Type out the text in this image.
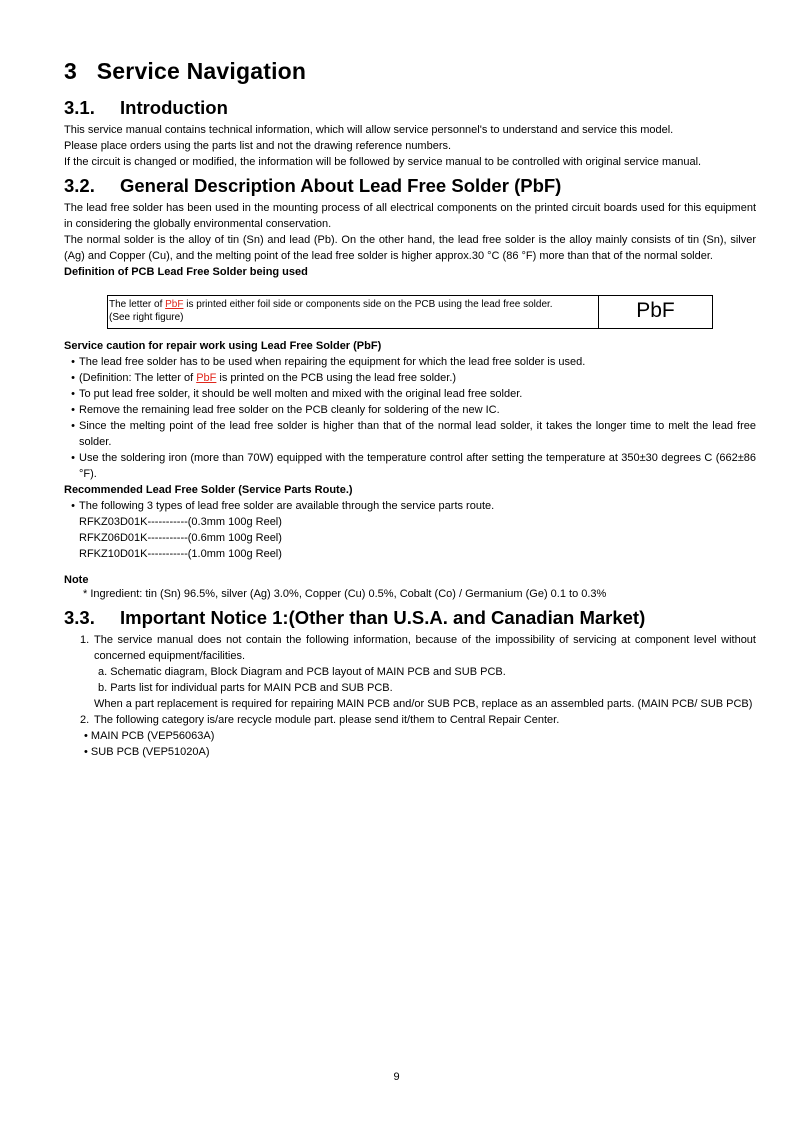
3   Service Navigation
3.1.	Introduction

This service manual contains technical information, which will allow service personnel's to understand and service this model.

Please place orders using the parts list and not the drawing reference numbers.

If the circuit is changed or modified, the information will be followed by service manual to be controlled with original service manual.

3.2.	General Description About Lead Free Solder (PbF)

The lead free solder has been used in the mounting process of all electrical components on the printed circuit boards used for this equipment in considering the globally environmental conservation.

The normal solder is the alloy of tin (Sn) and lead (Pb). On the other hand, the lead free solder is the alloy mainly consists of tin (Sn), silver (Ag) and Copper (Cu), and the melting point of the lead free solder is higher approx.30 °C (86 °F) more than that of the normal solder.

Definition of PCB Lead Free Solder being used

The letter of PbF is printed either foil side or components side on the PCB using the lead free solder.
(See right figure)	PbF

Service caution for repair work using Lead Free Solder (PbF)

• The lead free solder has to be used when repairing the equipment for which the lead free solder is used.
• (Definition: The letter of PbF is printed on the PCB using the lead free solder.)
• To put lead free solder, it should be well molten and mixed with the original lead free solder.
• Remove the remaining lead free solder on the PCB cleanly for soldering of the new IC.
• Since the melting point of the lead free solder is higher than that of the normal lead solder, it takes the longer time to melt the lead free solder.
• Use the soldering iron (more than 70W) equipped with the temperature control after setting the temperature at 350±30 degrees C (662±86 °F).

Recommended Lead Free Solder (Service Parts Route.)

• The following 3 types of lead free solder are available through the service parts route.
RFKZ03D01K-----------(0.3mm 100g Reel)
RFKZ06D01K-----------(0.6mm 100g Reel)
RFKZ10D01K-----------(1.0mm 100g Reel)

Note

* Ingredient: tin (Sn) 96.5%, silver (Ag) 3.0%, Copper (Cu) 0.5%, Cobalt (Co) / Germanium (Ge) 0.1 to 0.3%
3.3.	Important Notice 1:(Other than U.S.A. and Canadian Market)
1. The service manual does not contain the following information, because of the impossibility of servicing at component level without concerned equipment/facilities.
a. Schematic diagram, Block Diagram and PCB layout of MAIN PCB and SUB PCB.
b. Parts list for individual parts for MAIN PCB and SUB PCB.
When a part replacement is required for repairing MAIN PCB and/or SUB PCB, replace as an assembled parts. (MAIN PCB/ SUB PCB)
2. The following category is/are recycle module part. please send it/them to Central Repair Center.
• MAIN PCB (VEP56063A)
• SUB PCB (VEP51020A)
9
